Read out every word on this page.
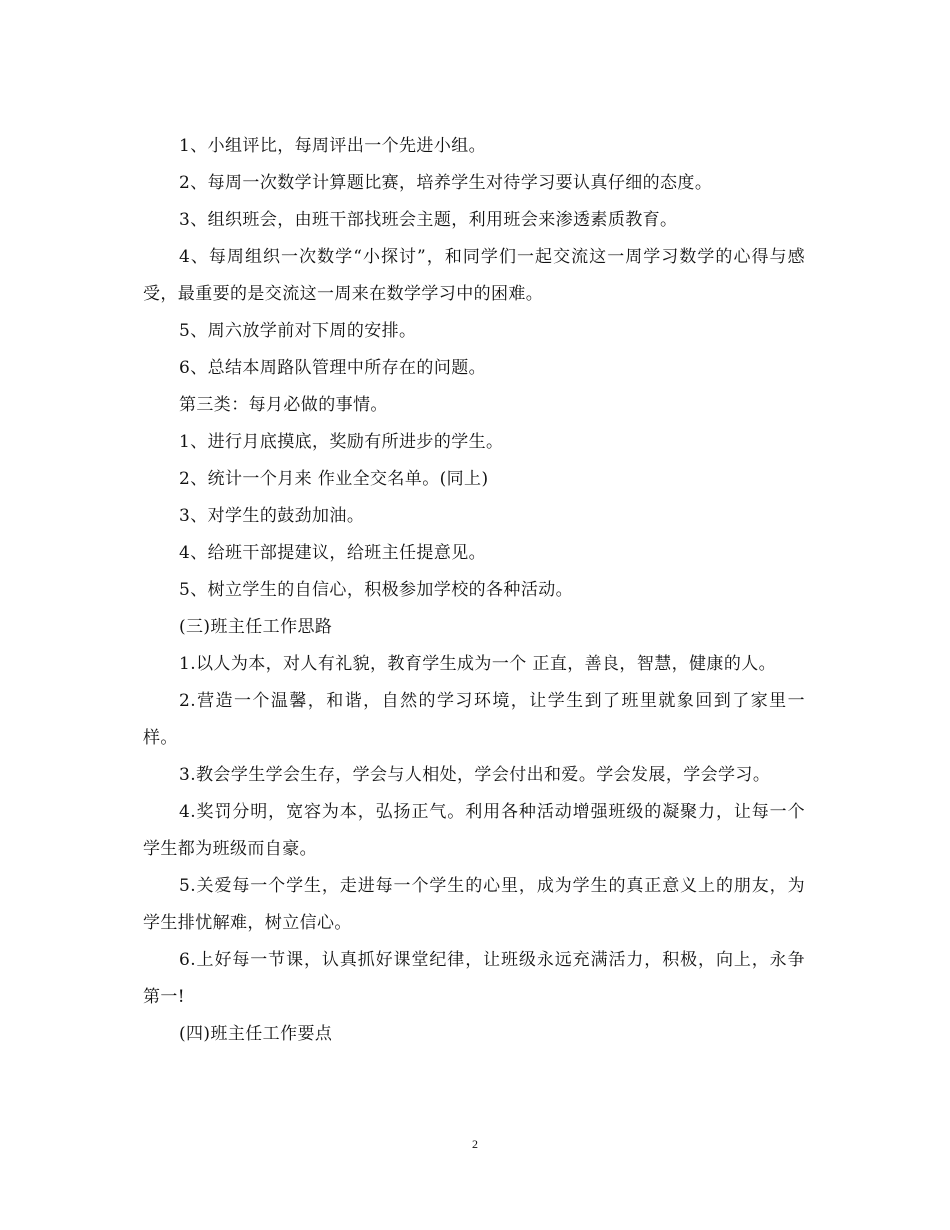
1、小组评比，每周评出一个先进小组。

2、每周一次数学计算题比赛，培养学生对待学习要认真仔细的态度。

3、组织班会，由班干部找班会主题，利用班会来渗透素质教育。

4、每周组织一次数学“小探讨”，和同学们一起交流这一周学习数学的心得与感受，最重要的是交流这一周来在数学学习中的困难。

5、周六放学前对下周的安排。

6、总结本周路队管理中所存在的问题。

第三类：每月必做的事情。

1、进行月底摸底，奖励有所进步的学生。

2、统计一个月来 作业全交名单。(同上)

3、对学生的鼓劲加油。

4、给班干部提建议，给班主任提意见。

5、树立学生的自信心，积极参加学校的各种活动。

(三)班主任工作思路

1.以人为本，对人有礼貌，教育学生成为一个 正直，善良，智慧，健康的人。

2.营造一个温馨，和谐，自然的学习环境，让学生到了班里就象回到了家里一样。

3.教会学生学会生存，学会与人相处，学会付出和爱。学会发展，学会学习。

4.奖罚分明，宽容为本，弘扬正气。利用各种活动增强班级的凝聚力，让每一个学生都为班级而自豪。

5.关爱每一个学生，走进每一个学生的心里，成为学生的真正意义上的朋友，为学生排忧解难，树立信心。

6.上好每一节课，认真抓好课堂纪律，让班级永远充满活力，积极，向上，永争第一!

(四)班主任工作要点

2
